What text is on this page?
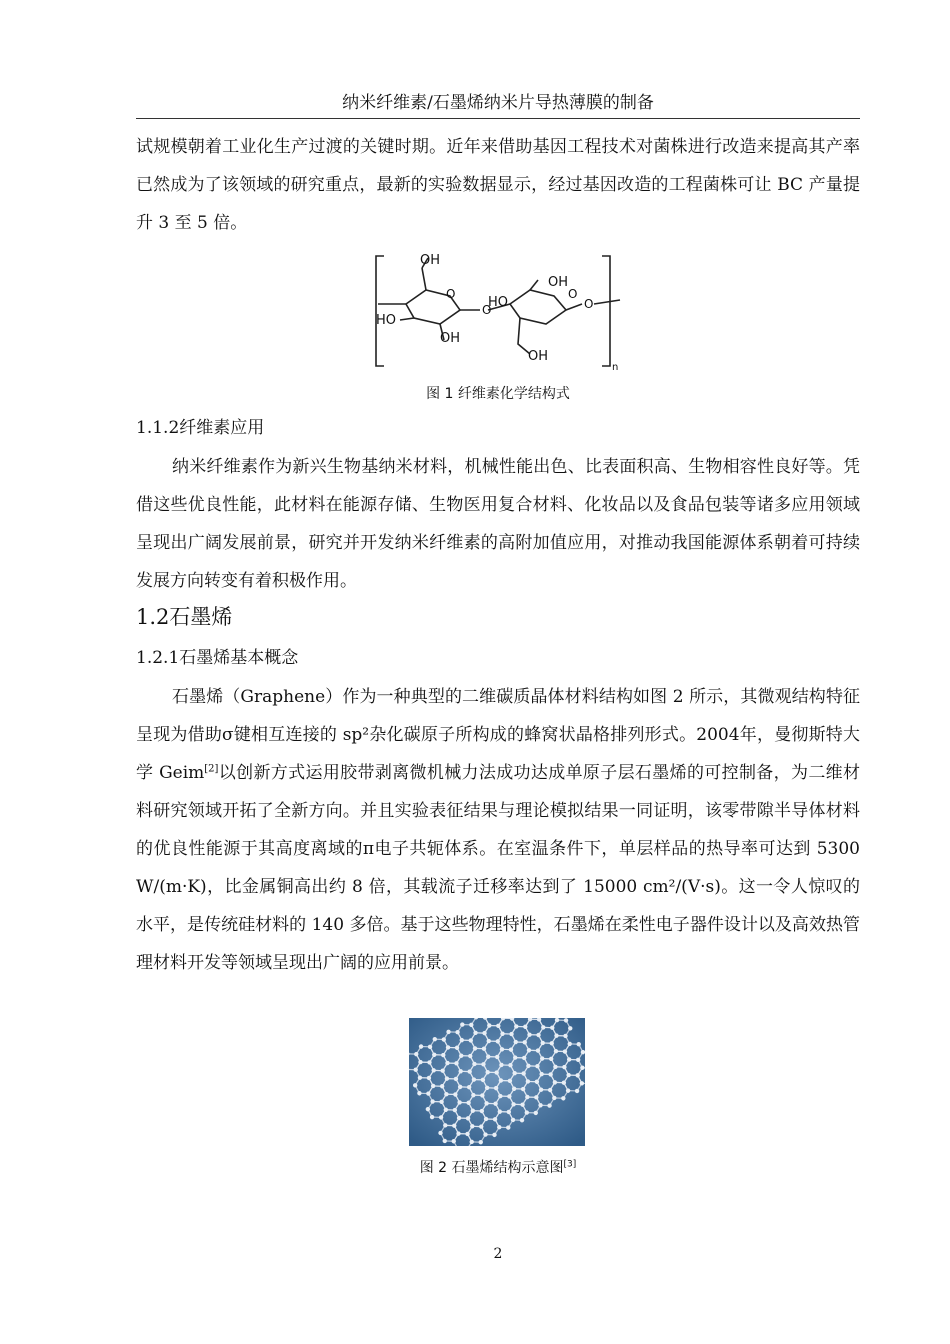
纳米纤维素/石墨烯纳米片导热薄膜的制备

试规模朝着工业化生产过渡的关键时期。近年来借助基因工程技术对菌株进行改造来提高其产率已然成为了该领域的研究重点，最新的实验数据显示，经过基因改造的工程菌株可让 BC 产量提升 3 至 5 倍。

OH
OH
HO
HO
OH
OH
n
O
O
O
O
图 1 纤维素化学结构式
1.1.2纤维素应用

纳米纤维素作为新兴生物基纳米材料，机械性能出色、比表面积高、生物相容性良好等。凭借这些优良性能，此材料在能源存储、生物医用复合材料、化妆品以及食品包装等诸多应用领域呈现出广阔发展前景，研究并开发纳米纤维素的高附加值应用，对推动我国能源体系朝着可持续发展方向转变有着积极作用。

1.2石墨烯
1.2.1石墨烯基本概念

石墨烯（Graphene）作为一种典型的二维碳质晶体材料结构如图 2 所示，其微观结构特征呈现为借助σ键相互连接的 sp²杂化碳原子所构成的蜂窝状晶格排列形式。2004年，曼彻斯特大学 Geim[2]以创新方式运用胶带剥离微机械力法成功达成单原子层石墨烯的可控制备，为二维材料研究领域开拓了全新方向。并且实验表征结果与理论模拟结果一同证明，该零带隙半导体材料的优良性能源于其高度离域的π电子共轭体系。在室温条件下，单层样品的热导率可达到 5300 W/(m·K)，比金属铜高出约 8 倍，其载流子迁移率达到了 15000 cm²/(V·s)。这一令人惊叹的水平，是传统硅材料的 140 多倍。基于这些物理特性，石墨烯在柔性电子器件设计以及高效热管理材料开发等领域呈现出广阔的应用前景。

图 2 石墨烯结构示意图[3]
2
